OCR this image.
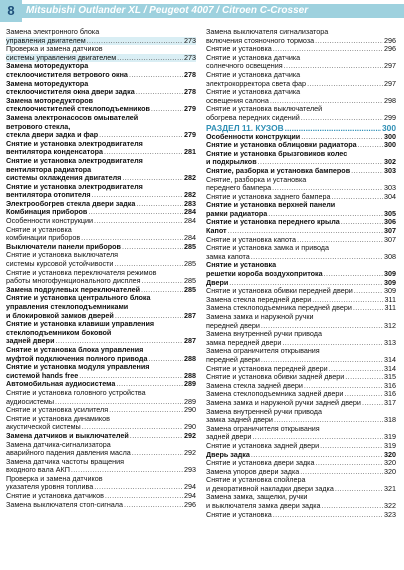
8	Mitsubishi Outlander XL / Peugeot 4007 / Citroen C-Crosser
Замена электронного блока
управления двигателем .....	273
Проверка и замена датчиков
системы управления двигателем .....	273
Замена моторедуктора
стеклоочистителя ветрового окна .....	278
Замена моторедуктора
стеклоочистителя окна двери задка .....	278
Замена моторедукторов
стеклоочистителей стеклоподъемников .....	279
Замена электронасосов омывателей
ветрового стекла,
стекла двери задка и фар .....	279
Снятие и установка электродвигателя
вентилятора конденсатора .....	281
Снятие и установка электродвигателя
вентилятора радиатора
системы охлаждения двигателя .....	282
Снятие и установка электродвигателя
вентилятора отопителя .....	282
Электрообогрев стекла двери задка .....	283
Комбинация приборов .....	284
Особенности конструкции .....	284
Снятие и установка
комбинации приборов .....	284
Выключатели панели приборов .....	285
Снятие и установка выключателя
системы курсовой устойчивости .....	285
Снятие и установка переключателя режимов
работы многофункционального дисплея .....	285
Замена подрулевых переключателей .....	285
Снятие и установка центрального блока
управления стеклоподъемниками
и блокировкой замков дверей .....	287
Снятие и установка клавиши управления
стеклоподъемником боковой
задней двери .....	287
Снятие и установка блока управления
муфтой подключения полного привода .....	288
Снятие и установка модуля управления
системой hands free .....	288
Автомобильная аудиосистема .....	289
Снятие и установка головного устройства
аудиосистемы .....	289
Снятие и установка усилителя .....	290
Снятие и установка динамиков
акустической системы .....	290
Замена датчиков и выключателей .....	292
Замена датчика-сигнализатора
аварийного падения давления масла .....	292
Замена датчика частоты вращения
входного вала АКП .....	293
Проверка и замена датчиков
указателя уровня топлива .....	294
Снятие и установка датчиков .....	294
Замена выключателя стоп-сигнала .....	296
Замена выключателя сигнализатора
включения стояночного тормоза .....	296
Снятие и установка .....	296
Снятие и установка датчика
солнечного освещения .....	297
Снятие и установка датчика
электрокорректора света фар .....	297
Снятие и установка датчика
освещения салона .....	298
Снятие и установка выключателей
обогрева передних сидений .....	299
РАЗДЕЛ 11. КУЗОВ .....	300
Особенности конструкции .....	300
Снятие и установка облицовки радиатора .....	300
Снятие и установка брызговиков колес
и подкрылков .....	302
Снятие, разборка и установка бамперов .....	303
Снятие, разборка и установка
переднего бампера .....	303
Снятие и установка заднего бампера .....	304
Снятие и установка верхней панели
рамки радиатора .....	305
Снятие и установка переднего крыла .....	306
Капот .....	307
Снятие и установка капота .....	307
Снятие и установка замка и привода
замка капота .....	308
Снятие и установка
решетки короба воздухопритока .....	309
Двери .....	309
Снятие и установка обивки передней двери .....	309
Замена стекла передней двери .....	311
Замена стеклоподъемника передней двери .....	311
Замена замка и наружной ручки
передней двери .....	312
Замена внутренней ручки привода
замка передней двери .....	313
Замена ограничителя открывания
передней двери .....	314
Снятие и установка передней двери .....	314
Снятие и установка обивки задней двери .....	315
Замена стекла задней двери .....	316
Замена стеклоподъемника задней двери .....	316
Замена замка и наружной ручки задней двери .....	317
Замена внутренней ручки привода
замка задней двери .....	318
Замена ограничителя открывания
задней двери .....	319
Снятие и установка задней двери .....	319
Дверь задка .....	320
Снятие и установка двери задка .....	320
Замена упоров двери задка .....	320
Снятие и установка спойлера
и декоративной накладки двери задка .....	321
Замена замка, защелки, ручки
и выключателя замка двери задка .....	322
Снятие и установка .....	323
